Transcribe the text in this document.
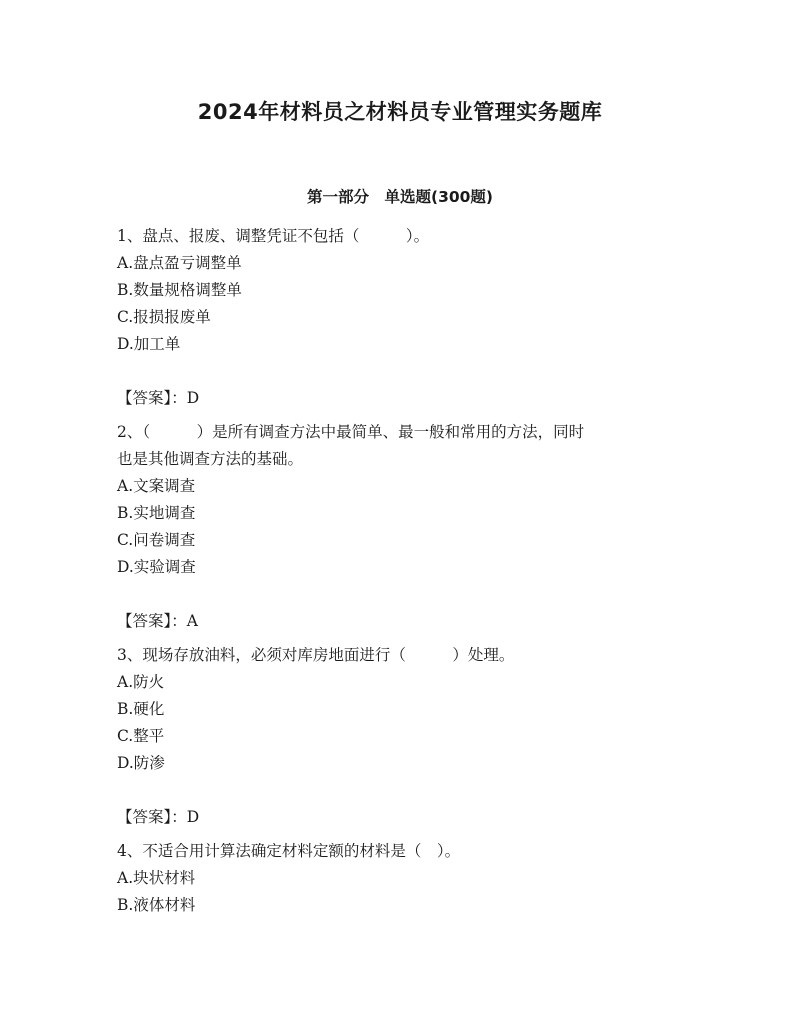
2024年材料员之材料员专业管理实务题库
第一部分　单选题(300题)
1、盘点、报废、调整凭证不包括（　　　）。
A.盘点盈亏调整单
B.数量规格调整单
C.报损报废单
D.加工单
【答案】：D
2、（　　　）是所有调查方法中最简单、最一般和常用的方法，同时
也是其他调查方法的基础。
A.文案调查
B.实地调查
C.问卷调查
D.实验调查
【答案】：A
3、现场存放油料，必须对库房地面进行（　　　）处理。
A.防火
B.硬化
C.整平
D.防渗
【答案】：D
4、不适合用计算法确定材料定额的材料是（　）。
A.块状材料
B.液体材料
